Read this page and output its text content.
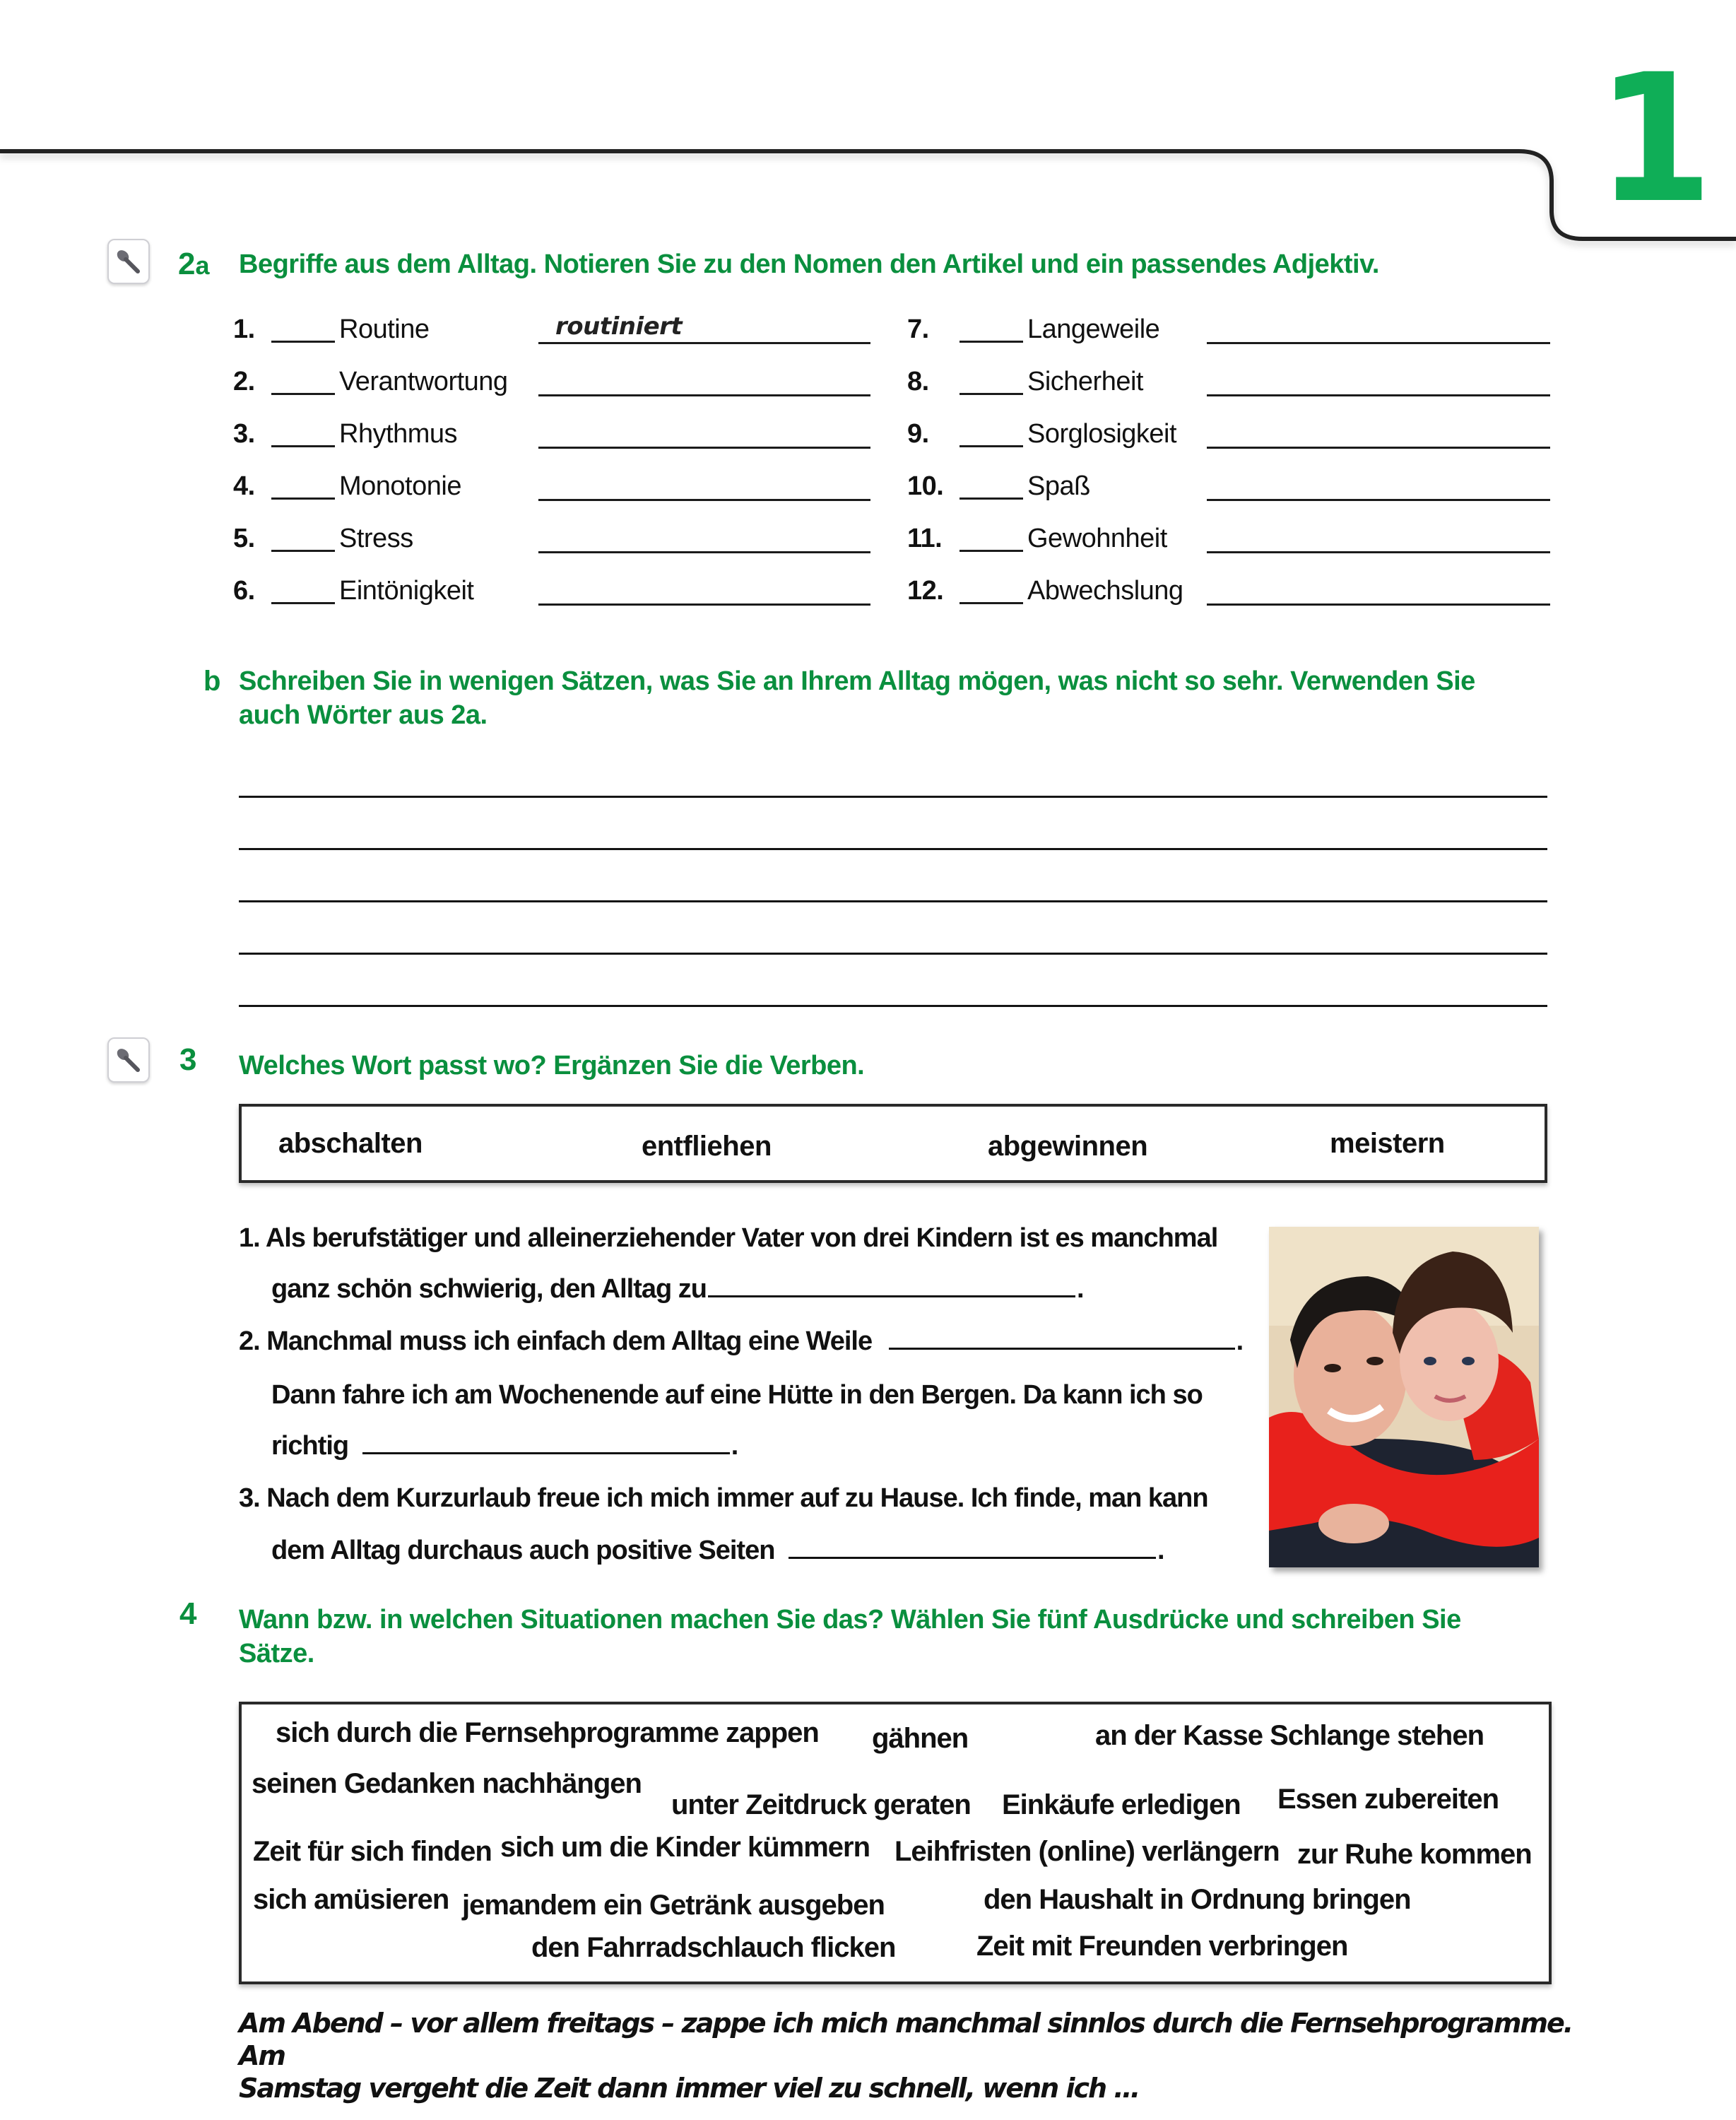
1
2a Begriffe aus dem Alltag. Notieren Sie zu den Nomen den Artikel und ein passendes Adjektiv.
1.	Routine	routiniert
2.	Verantwortung
3.	Rhythmus
4.	Monotonie
5.	Stress
6.	Eintönigkeit
7.	Langeweile
8.	Sicherheit
9.	Sorglosigkeit
10.	Spaß
11.	Gewohnheit
12.	Abwechslung
b Schreiben Sie in wenigen Sätzen, was Sie an Ihrem Alltag mögen, was nicht so sehr. Verwenden Sie
auch Wörter aus 2a.
3 Welches Wort passt wo? Ergänzen Sie die Verben.
abschalten	entfliehen	abgewinnen	meistern
1. Als berufstätiger und alleinerziehender Vater von drei Kindern ist es manchmal
ganz schön schwierig, den Alltag zu	.
2. Manchmal muss ich einfach dem Alltag eine Weile	.
Dann fahre ich am Wochenende auf eine Hütte in den Bergen. Da kann ich so
richtig	.
3. Nach dem Kurzurlaub freue ich mich immer auf zu Hause. Ich finde, man kann
dem Alltag durchaus auch positive Seiten	.
4 Wann bzw. in welchen Situationen machen Sie das? Wählen Sie fünf Ausdrücke und schreiben Sie
Sätze.
sich durch die Fernsehprogramme zappen gähnen	an der Kasse Schlange stehen
seinen Gedanken nachhängen
unter Zeitdruck geraten Einkäufe erledigen Essen zubereiten
Zeit für sich finden sich um die Kinder kümmern Leihfristen (online) verlängern zur Ruhe kommen
sich amüsieren jemandem ein Getränk ausgeben	den Haushalt in Ordnung bringen
den Fahrradschlauch flicken	Zeit mit Freunden verbringen
Am Abend – vor allem freitags – zappe ich mich manchmal sinnlos durch die Fernsehprogramme. Am
Samstag vergeht die Zeit dann immer viel zu schnell, wenn ich …
